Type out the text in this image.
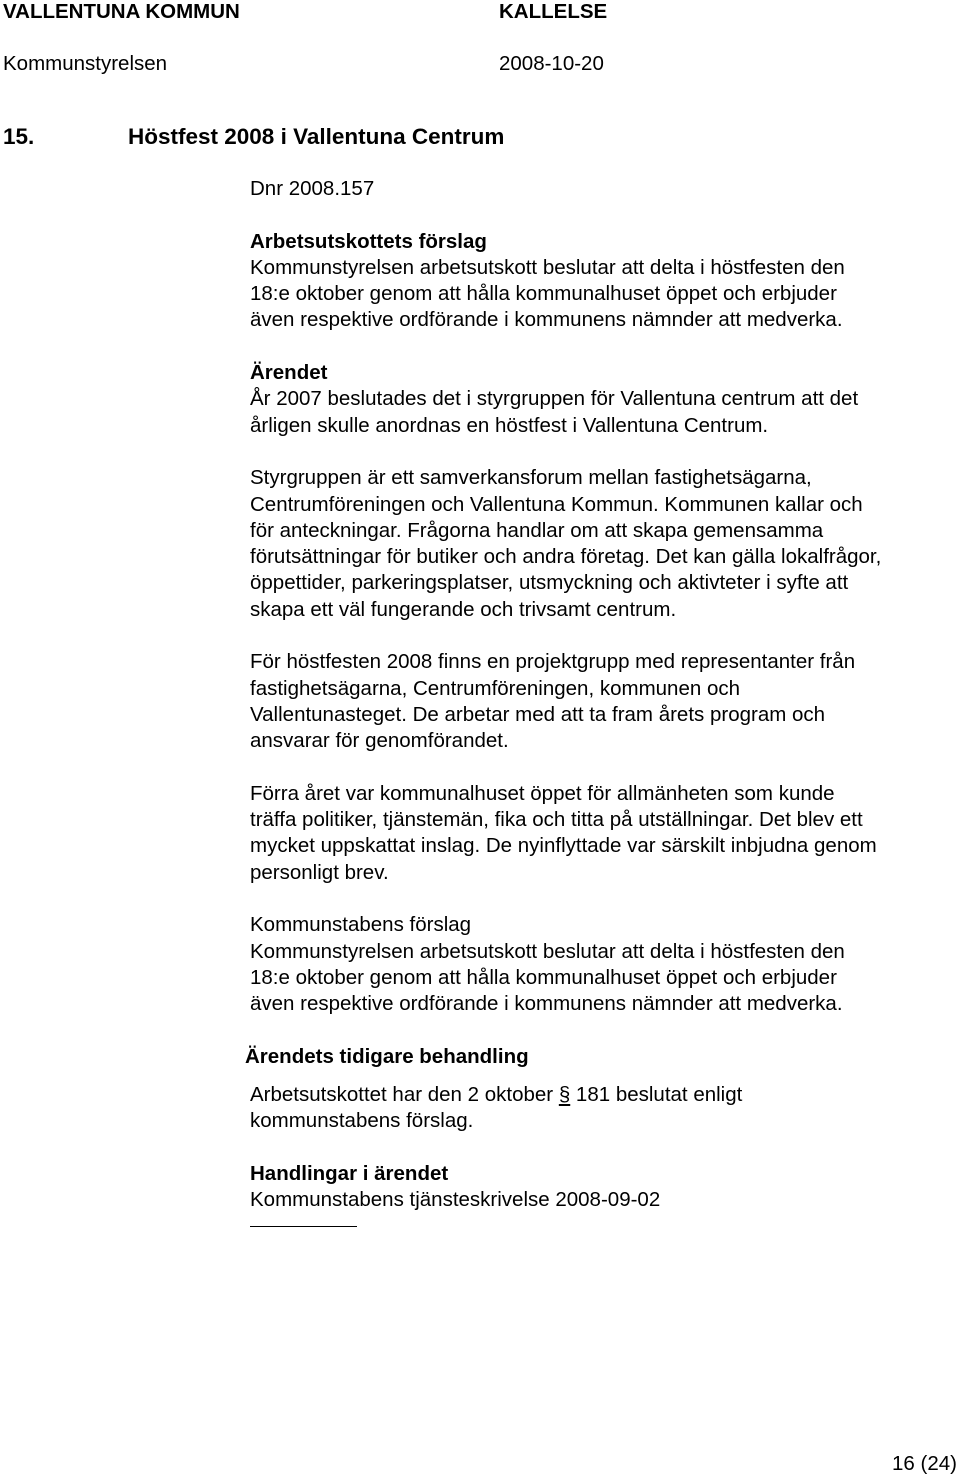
VALLENTUNA KOMMUN	KALLELSE
Kommunstyrelsen	2008-10-20
15.	Höstfest 2008 i Vallentuna Centrum

Dnr 2008.157

Arbetsutskottets förslag

Kommunstyrelsen arbetsutskott beslutar att delta i höstfesten den

18:e oktober genom att hålla kommunalhuset öppet och erbjuder

även respektive ordförande i kommunens nämnder att medverka.

Ärendet

År 2007 beslutades det i styrgruppen för Vallentuna centrum att det

årligen skulle anordnas en höstfest i Vallentuna Centrum.

Styrgruppen är ett samverkansforum mellan fastighetsägarna,

Centrumföreningen och Vallentuna Kommun. Kommunen kallar och

för anteckningar. Frågorna handlar om att skapa gemensamma

förutsättningar för butiker och andra företag. Det kan gälla lokalfrågor,

öppettider, parkeringsplatser, utsmyckning och aktivteter i syfte att

skapa ett väl fungerande och trivsamt centrum.

För höstfesten 2008 finns en projektgrupp med representanter från

fastighetsägarna, Centrumföreningen, kommunen och

Vallentunasteget. De arbetar med att ta fram årets program och

ansvarar för genomförandet.

Förra året var kommunalhuset öppet för allmänheten som kunde

träffa politiker, tjänstemän, fika och titta på utställningar. Det blev ett

mycket uppskattat inslag. De nyinflyttade var särskilt inbjudna genom

personligt brev.

Kommunstabens förslag

Kommunstyrelsen arbetsutskott beslutar att delta i höstfesten den

18:e oktober genom att hålla kommunalhuset öppet och erbjuder

även respektive ordförande i kommunens nämnder att medverka.

Ärendets tidigare behandling

Arbetsutskottet har den 2 oktober § 181 beslutat enligt

kommunstabens förslag.

Handlingar i ärendet

Kommunstabens tjänsteskrivelse 2008-09-02

16 (24)
